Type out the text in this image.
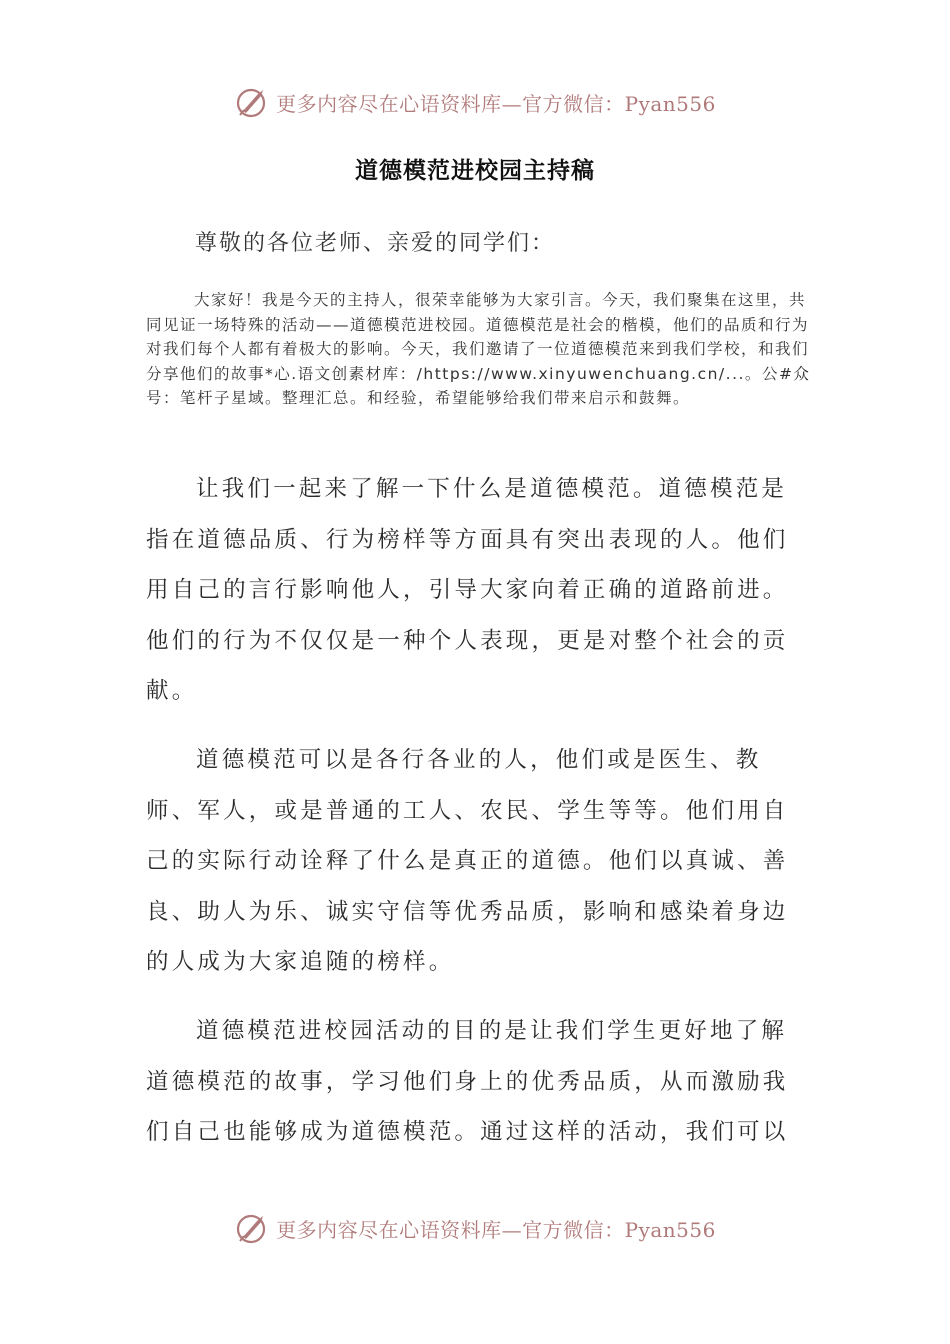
更多内容尽在心语资料库—官方微信：Pyan556
道德模范进校园主持稿
尊敬的各位老师、亲爱的同学们：
大家好！我是今天的主持人，很荣幸能够为大家引言。今天，我们聚集在这里，共同见证一场特殊的活动——道德模范进校园。道德模范是社会的楷模，他们的品质和行为对我们每个人都有着极大的影响。今天，我们邀请了一位道德模范来到我们学校，和我们分享他们的故事*心.语文创素材库：/https://www.xinyuwenchuang.cn/...。公#众号：笔杆子星域。整理汇总。和经验，希望能够给我们带来启示和鼓舞。
让我们一起来了解一下什么是道德模范。道德模范是指在道德品质、行为榜样等方面具有突出表现的人。他们用自己的言行影响他人，引导大家向着正确的道路前进。他们的行为不仅仅是一种个人表现，更是对整个社会的贡献。
道德模范可以是各行各业的人，他们或是医生、教师、军人，或是普通的工人、农民、学生等等。他们用自己的实际行动诠释了什么是真正的道德。他们以真诚、善良、助人为乐、诚实守信等优秀品质，影响和感染着身边的人成为大家追随的榜样。
道德模范进校园活动的目的是让我们学生更好地了解道德模范的故事，学习他们身上的优秀品质，从而激励我们自己也能够成为道德模范。通过这样的活动，我们可以
更多内容尽在心语资料库—官方微信：Pyan556
